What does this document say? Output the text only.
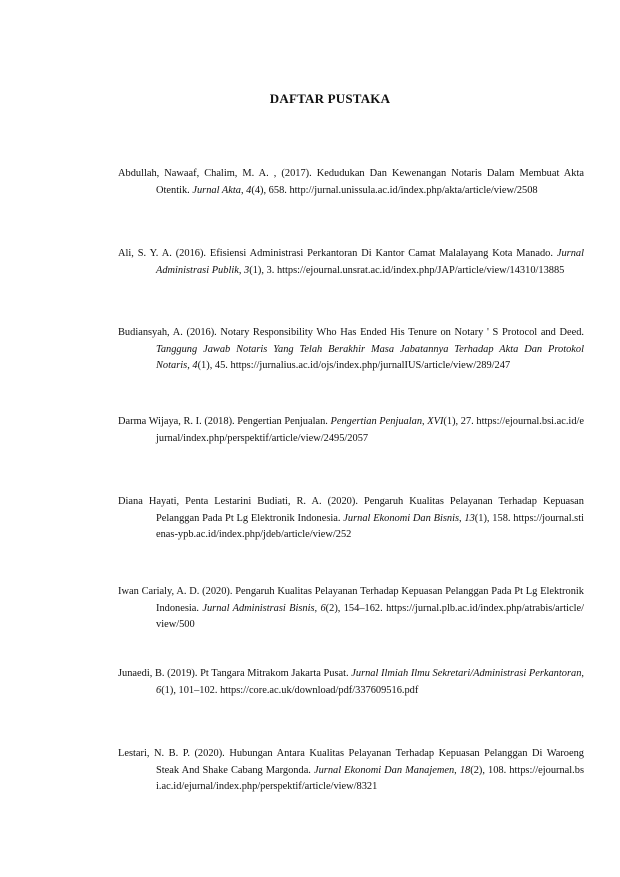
DAFTAR PUSTAKA

Abdullah, Nawaaf, Chalim, M. A. , (2017). Kedudukan Dan Kewenangan Notaris Dalam Membuat Akta Otentik. Jurnal Akta, 4(4), 658. http://jurnal.unissula.ac.id/index.php/akta/article/view/2508

Ali, S. Y. A. (2016). Efisiensi Administrasi Perkantoran Di Kantor Camat Malalayang Kota Manado. Jurnal Administrasi Publik, 3(1), 3. https://ejournal.unsrat.ac.id/index.php/JAP/article/view/14310/13885

Budiansyah, A. (2016). Notary Responsibility Who Has Ended His Tenure on Notary ' S Protocol and Deed. Tanggung Jawab Notaris Yang Telah Berakhir Masa Jabatannya Terhadap Akta Dan Protokol Notaris, 4(1), 45. https://jurnalius.ac.id/ojs/index.php/jurnalIUS/article/view/289/247

Darma Wijaya, R. I. (2018). Pengertian Penjualan. Pengertian Penjualan, XVI(1), 27. https://ejournal.bsi.ac.id/ejurnal/index.php/perspektif/article/view/2495/2057

Diana Hayati, Penta Lestarini Budiati, R. A. (2020). Pengaruh Kualitas Pelayanan Terhadap Kepuasan Pelanggan Pada Pt Lg Elektronik Indonesia. Jurnal Ekonomi Dan Bisnis, 13(1), 158. https://journal.stienas-ypb.ac.id/index.php/jdeb/article/view/252

Iwan Carialy, A. D. (2020). Pengaruh Kualitas Pelayanan Terhadap Kepuasan Pelanggan Pada Pt Lg Elektronik Indonesia. Jurnal Administrasi Bisnis, 6(2), 154–162. https://jurnal.plb.ac.id/index.php/atrabis/article/view/500

Junaedi, B. (2019). Pt Tangara Mitrakom Jakarta Pusat. Jurnal Ilmiah Ilmu Sekretari/Administrasi Perkantoran, 6(1), 101–102. https://core.ac.uk/download/pdf/337609516.pdf

Lestari, N. B. P. (2020). Hubungan Antara Kualitas Pelayanan Terhadap Kepuasan Pelanggan Di Waroeng Steak And Shake Cabang Margonda. Jurnal Ekonomi Dan Manajemen, 18(2), 108. https://ejournal.bsi.ac.id/ejurnal/index.php/perspektif/article/view/8321
